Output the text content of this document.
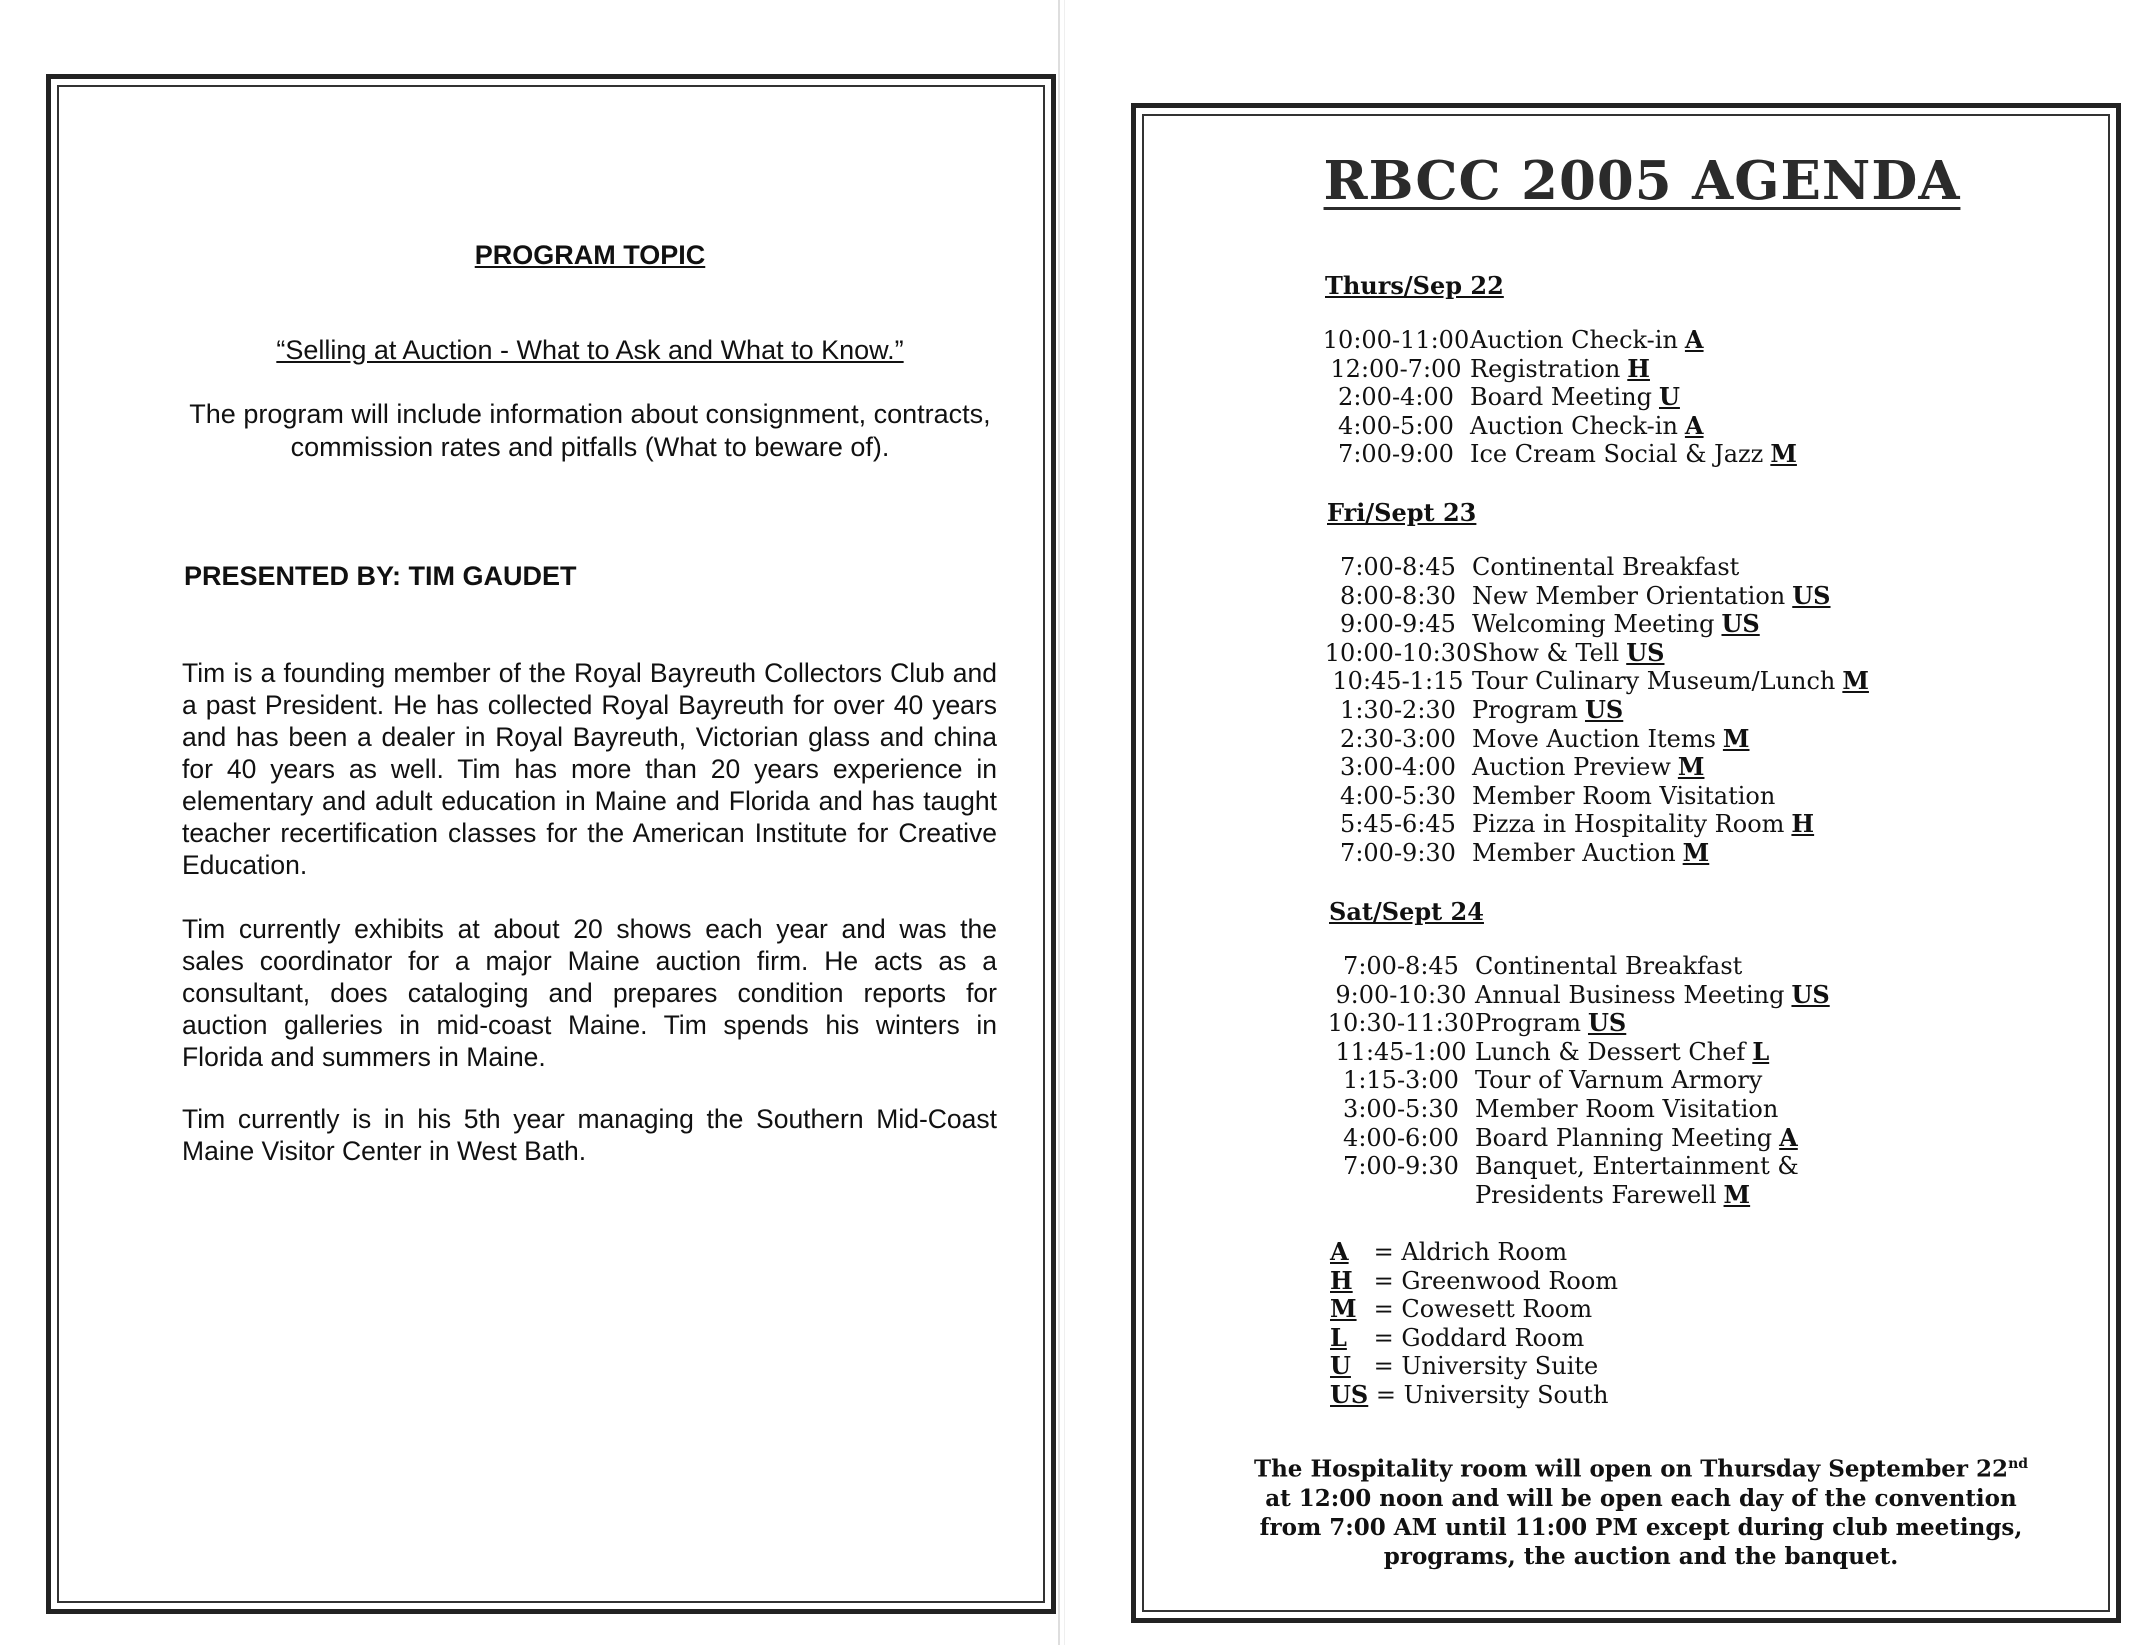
PROGRAM TOPIC
“Selling at Auction - What to Ask and What to Know.”
The program will include information about consignment, contracts, commission rates and pitfalls (What to beware of).
PRESENTED BY: TIM GAUDET

Tim is a founding member of the Royal Bayreuth Collectors Club and a past President. He has collected Royal Bayreuth for over 40 years and has been a dealer in Royal Bayreuth, Victorian glass and china for 40 years as well. Tim has more than 20 years experience in elementary and adult education in Maine and Florida and has taught teacher recertification classes for the American Institute for Creative Education.

Tim currently exhibits at about 20 shows each year and was the sales coordinator for a major Maine auction firm. He acts as a consultant, does cataloging and prepares condition reports for auction galleries in mid-coast Maine. Tim spends his winters in Florida and summers in Maine.

Tim currently is in his 5th year managing the Southern Mid-Coast Maine Visitor Center in West Bath.

RBCC 2005 AGENDA
Thurs/Sep 22
10:00-11:00 Auction Check-in A
12:00-7:00 Registration H
2:00-4:00 Board Meeting U
4:00-5:00 Auction Check-in A
7:00-9:00 Ice Cream Social & Jazz M
Fri/Sept 23
7:00-8:45 Continental Breakfast
8:00-8:30 New Member Orientation US
9:00-9:45 Welcoming Meeting US
10:00-10:30 Show & Tell US
10:45-1:15 Tour Culinary Museum/Lunch M
1:30-2:30 Program US
2:30-3:00 Move Auction Items M
3:00-4:00 Auction Preview M
4:00-5:30 Member Room Visitation
5:45-6:45 Pizza in Hospitality Room H
7:00-9:30 Member Auction M
Sat/Sept 24
7:00-8:45 Continental Breakfast
9:00-10:30 Annual Business Meeting US
10:30-11:30 Program US
11:45-1:00 Lunch & Dessert Chef L
1:15-3:00 Tour of Varnum Armory
3:00-5:30 Member Room Visitation
4:00-6:00 Board Planning Meeting A
7:00-9:30 Banquet, Entertainment &
Presidents Farewell M
A = Aldrich Room
H = Greenwood Room
M = Cowesett Room
L = Goddard Room
U = University Suite
US = University South
The Hospitality room will open on Thursday September 22nd
at 12:00 noon and will be open each day of the convention
from 7:00 AM until 11:00 PM except during club meetings,
programs, the auction and the banquet.
